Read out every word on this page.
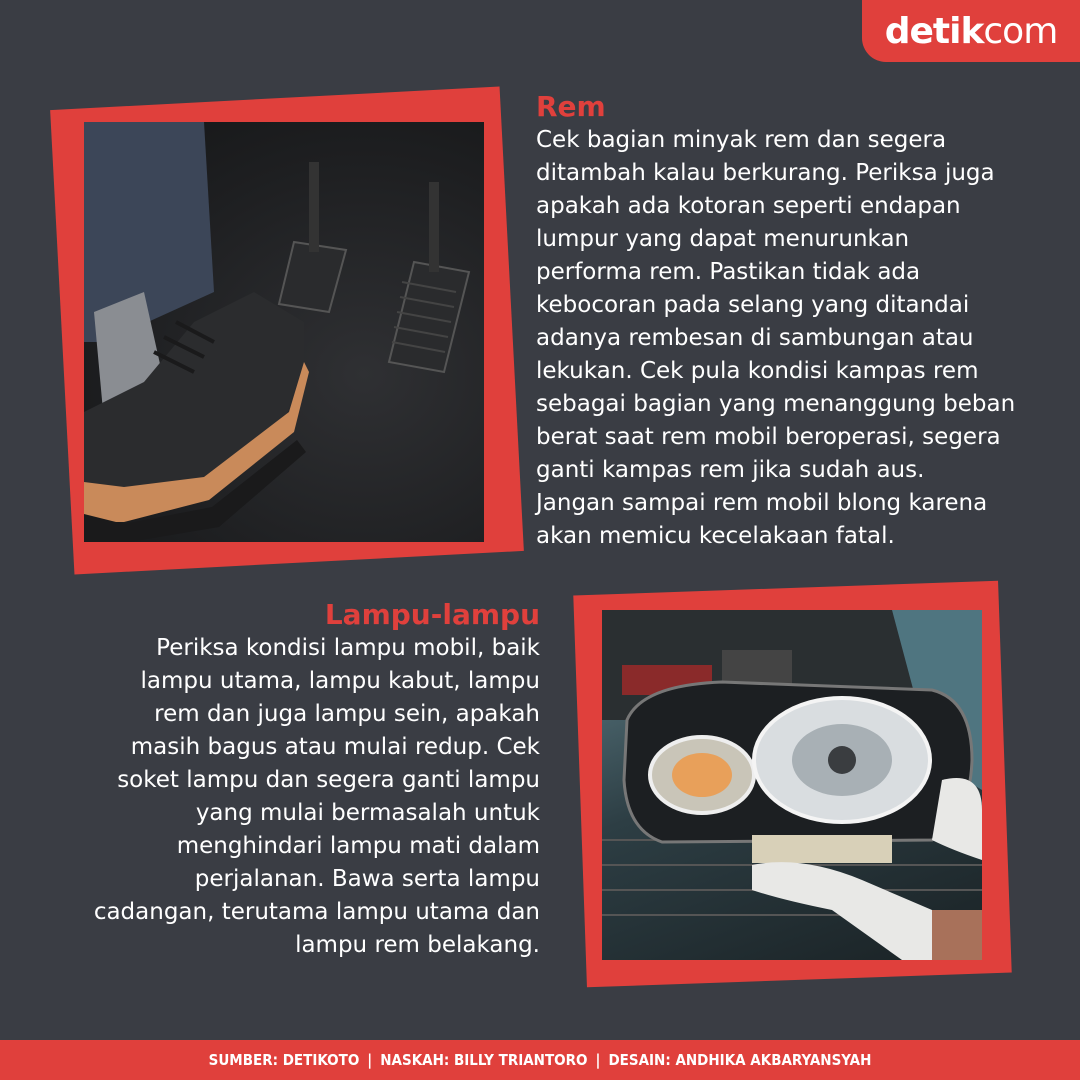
detik com
Rem
Cek bagian minyak rem dan segera
ditambah kalau berkurang. Periksa juga
apakah ada kotoran seperti endapan
lumpur yang dapat menurunkan
performa rem. Pastikan tidak ada
kebocoran pada selang yang ditandai
adanya rembesan di sambungan atau
lekukan. Cek pula kondisi kampas rem
sebagai bagian yang menanggung beban
berat saat rem mobil beroperasi, segera
ganti kampas rem jika sudah aus.
Jangan sampai rem mobil blong karena
akan memicu kecelakaan fatal.
Lampu-lampu
Periksa kondisi lampu mobil, baik
lampu utama, lampu kabut, lampu
rem dan juga lampu sein, apakah
masih bagus atau mulai redup. Cek
soket lampu dan segera ganti lampu
yang mulai bermasalah untuk
menghindari lampu mati dalam
perjalanan. Bawa serta lampu
cadangan, terutama lampu utama dan
lampu rem belakang.
SUMBER: DETIKOTO | NASKAH: BILLY TRIANTORO | DESAIN: ANDHIKA AKBARYANSYAH
